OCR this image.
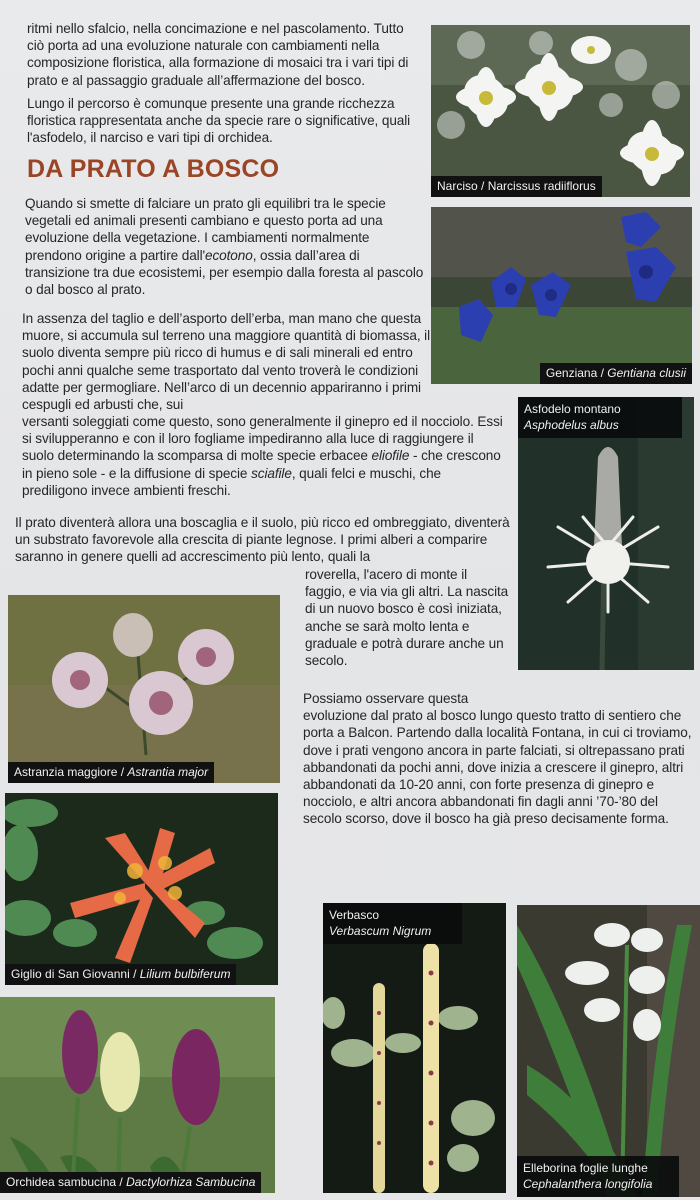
ritmi nello sfalcio, nella concimazione e nel pascolamento. Tutto ciò porta ad una evoluzione naturale con cambiamenti nella composizione floristica, alla formazione di mosaici tra i vari tipi di prato e al passaggio graduale all’affermazione del bosco.

Lungo il percorso è comunque presente una grande ricchezza floristica rappresentata anche da specie rare o significative, quali l'asfodelo, il narciso e vari tipi di orchidea.

DA PRATO A BOSCO

Quando si smette di falciare un prato gli equilibri tra le specie vegetali ed animali presenti cambiano e questo porta ad una evoluzione della vegetazione. I cambiamenti normalmente prendono origine a partire dall'ecotono, ossia dall’area di transizione tra due ecosistemi, per esempio dalla foresta al pascolo o dal bosco al prato.

In assenza del taglio e dell’asporto dell’erba, man mano che questa muore, si accumula sul terreno una maggiore quantità di biomassa, il suolo diventa sempre più ricco di humus e di sali minerali ed entro pochi anni qualche seme trasportato dal vento troverà le condizioni adatte per germogliare. Nell’arco di un decennio appariranno i primi cespugli ed arbusti che, sui

versanti soleggiati come questo, sono generalmente il ginepro ed il nocciolo. Essi si svilupperanno e con il loro fogliame impediranno alla luce di raggiungere il suolo determinando la scomparsa di molte specie erbacee eliofile - che crescono in pieno sole - e la diffusione di specie sciafile, quali felci e muschi, che prediligono invece ambienti freschi.

Il prato diventerà allora una boscaglia e il suolo, più ricco ed ombreggiato, diventerà un substrato favorevole alla crescita di piante legnose. I primi alberi a comparire saranno in genere quelli ad accrescimento più lento, quali la

roverella, l'acero di monte il faggio, e via via gli altri. La nascita di un nuovo bosco è così iniziata, anche se sarà molto lenta e graduale e potrà durare anche un secolo.

Possiamo osservare questa

evoluzione dal prato al bosco lungo questo tratto di sentiero che porta a Balcon. Partendo dalla località Fontana, in cui ci troviamo, dove i prati vengono ancora in parte falciati, si oltrepassano prati abbandonati da pochi anni, dove inizia a crescere il ginepro, altri abbandonati da 10-20 anni, con forte presenza di ginepro e nocciolo, e altri ancora abbandonati fin dagli anni ’70-’80 del secolo scorso, dove il bosco ha già preso decisamente forma.

Narciso / Narcissus radiiflorus
Genziana / Gentiana clusii
Asfodelo montano
Asphodelus albus
Astranzia maggiore / Astrantia major
Giglio di San Giovanni / Lilium bulbiferum
Orchidea sambucina / Dactylorhiza Sambucina
Verbasco
Verbascum Nigrum
Elleborina foglie lunghe
Cephalanthera longifolia
